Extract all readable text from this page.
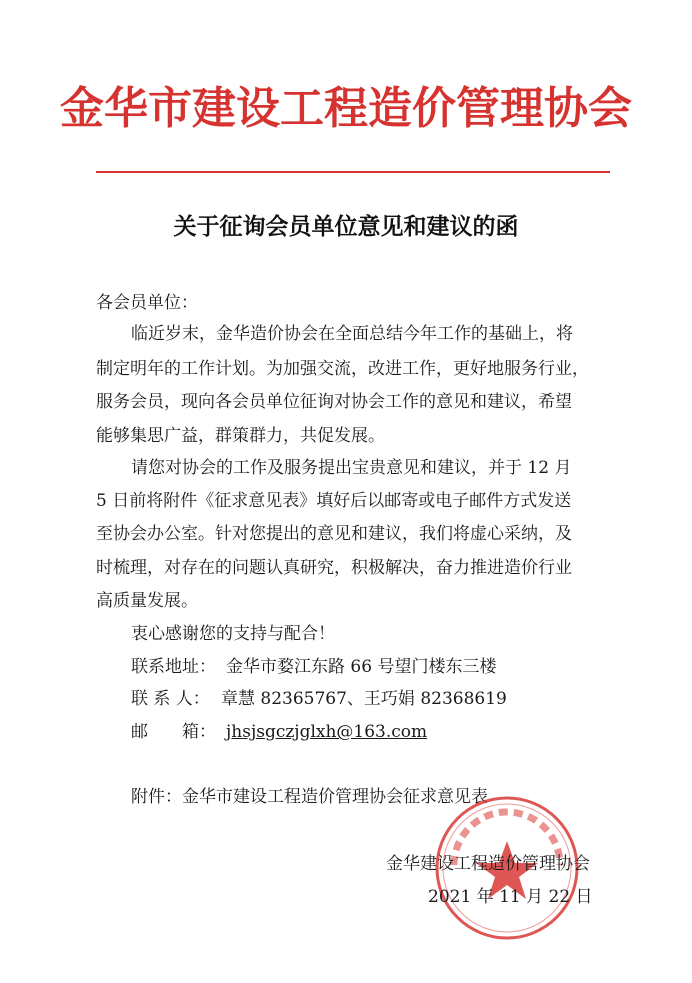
金华市建设工程造价管理协会
关于征询会员单位意见和建议的函
各会员单位：
临近岁末，金华造价协会在全面总结今年工作的基础上，将
制定明年的工作计划。为加强交流，改进工作，更好地服务行业，
服务会员，现向各会员单位征询对协会工作的意见和建议，希望
能够集思广益，群策群力，共促发展。
请您对协会的工作及服务提出宝贵意见和建议，并于 12 月
5 日前将附件《征求意见表》填好后以邮寄或电子邮件方式发送
至协会办公室。针对您提出的意见和建议，我们将虚心采纳，及
时梳理，对存在的问题认真研究，积极解决，奋力推进造价行业
高质量发展。
衷心感谢您的支持与配合！
联系地址： 金华市婺江东路 66 号望门楼东三楼
联 系 人： 章慧 82365767、王巧娟 82368619
邮　　箱： jhsjsgczjglxh@163.com
附件：金华市建设工程造价管理协会征求意见表
金华建设工程造价管理协会
2021 年 11 月 22 日
